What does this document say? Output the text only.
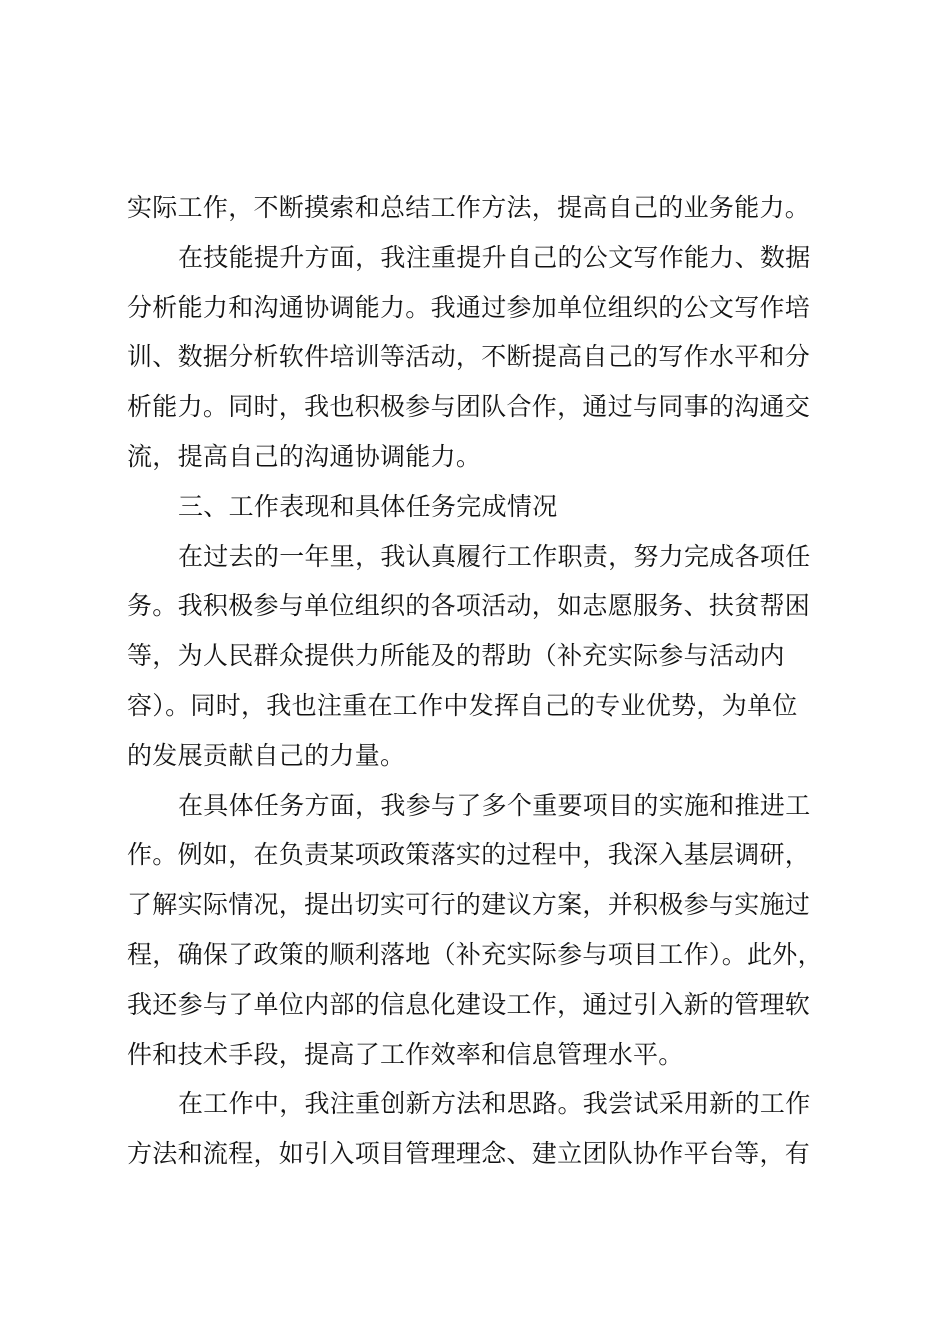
实际工作，不断摸索和总结工作方法，提高自己的业务能力。
在技能提升方面，我注重提升自己的公文写作能力、数据
分析能力和沟通协调能力。我通过参加单位组织的公文写作培
训、数据分析软件培训等活动，不断提高自己的写作水平和分
析能力。同时，我也积极参与团队合作，通过与同事的沟通交
流，提高自己的沟通协调能力。
三、工作表现和具体任务完成情况
在过去的一年里，我认真履行工作职责，努力完成各项任
务。我积极参与单位组织的各项活动，如志愿服务、扶贫帮困
等，为人民群众提供力所能及的帮助（补充实际参与活动内
容）。同时，我也注重在工作中发挥自己的专业优势，为单位
的发展贡献自己的力量。
在具体任务方面，我参与了多个重要项目的实施和推进工
作。例如，在负责某项政策落实的过程中，我深入基层调研，
了解实际情况，提出切实可行的建议方案，并积极参与实施过
程，确保了政策的顺利落地（补充实际参与项目工作）。此外，
我还参与了单位内部的信息化建设工作，通过引入新的管理软
件和技术手段，提高了工作效率和信息管理水平。
在工作中，我注重创新方法和思路。我尝试采用新的工作
方法和流程，如引入项目管理理念、建立团队协作平台等，有
